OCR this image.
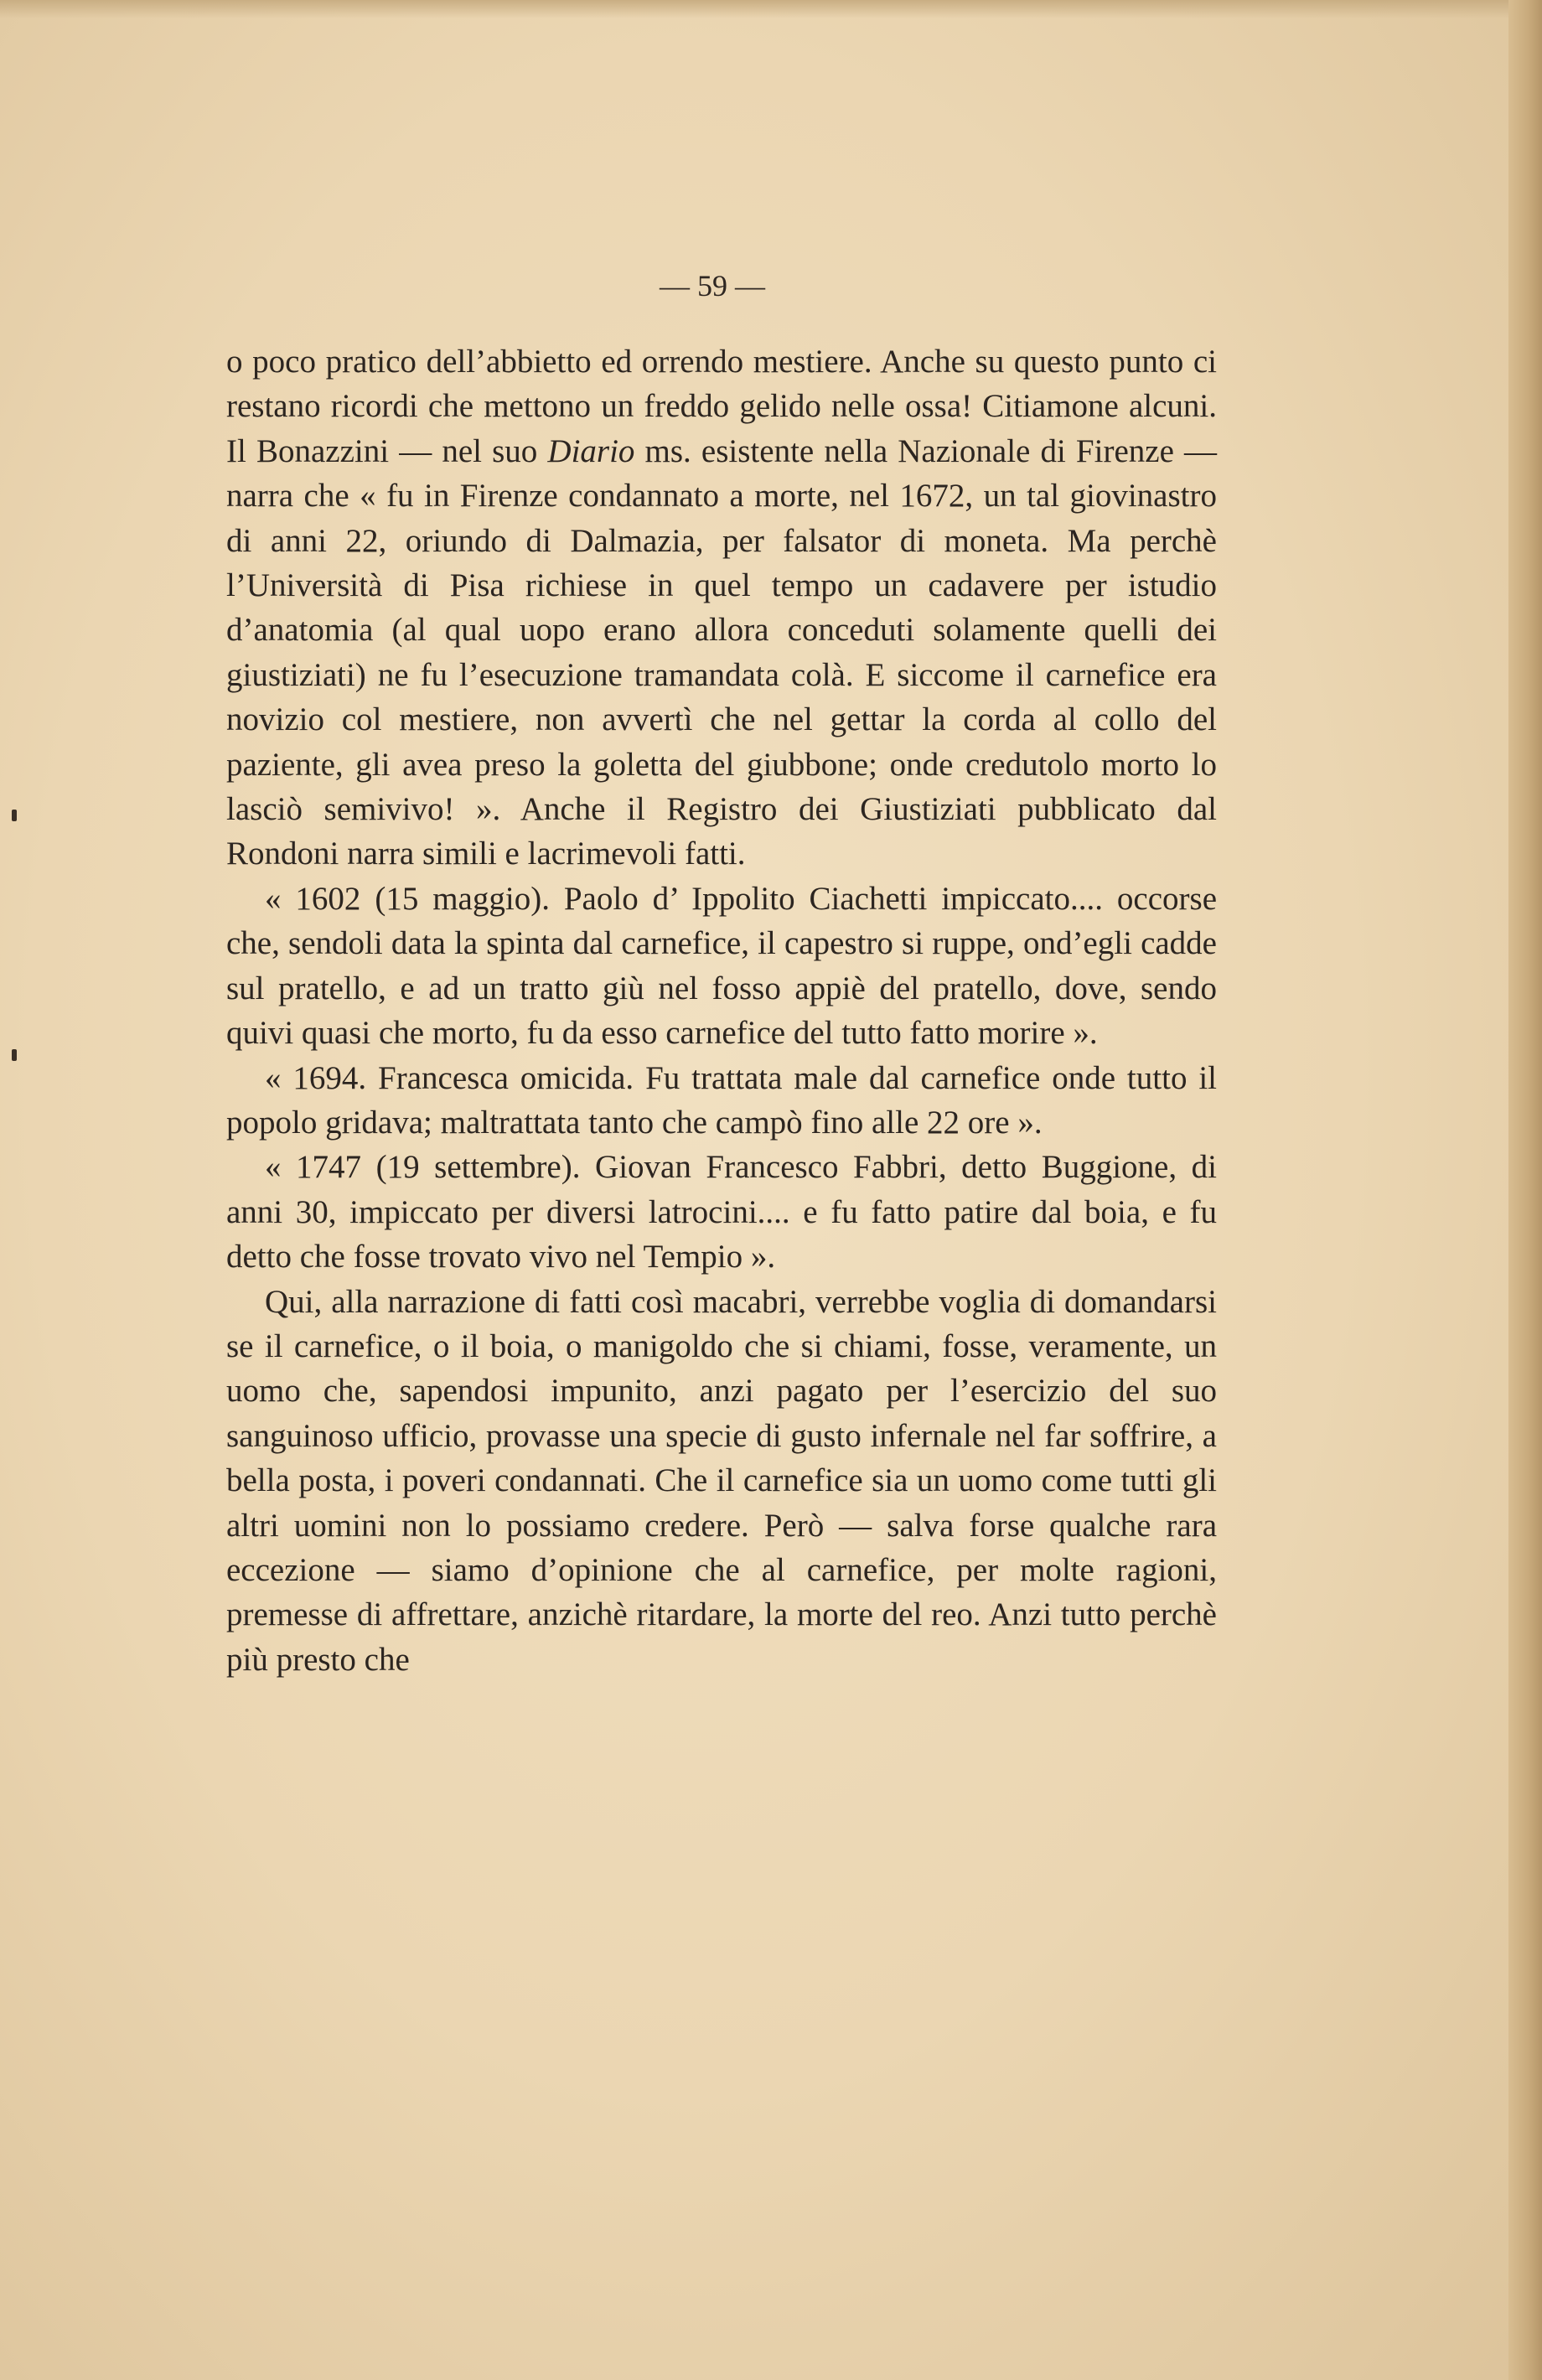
— 59 —

o poco pratico dell’abbietto ed orrendo mestiere. Anche su questo punto ci restano ricordi che mettono un freddo gelido nelle ossa! Citiamone alcuni. Il Bonazzini — nel suo Diario ms. esistente nella Nazionale di Firenze — narra che « fu in Firenze condannato a morte, nel 1672, un tal giovinastro di anni 22, oriundo di Dalmazia, per falsator di moneta. Ma perchè l’Università di Pisa richiese in quel tempo un cadavere per istudio d’anatomia (al qual uopo erano allora conceduti solamente quelli dei giustiziati) ne fu l’esecuzione tramandata colà. E siccome il carnefice era novizio col mestiere, non avvertì che nel gettar la corda al collo del paziente, gli avea preso la goletta del giubbone; onde credutolo morto lo lasciò semivivo! ». Anche il Registro dei Giustiziati pubblicato dal Rondoni narra simili e lacrimevoli fatti.

« 1602 (15 maggio). Paolo d’ Ippolito Ciachetti impiccato.... occorse che, sendoli data la spinta dal carnefice, il capestro si ruppe, ond’egli cadde sul pratello, e ad un tratto giù nel fosso appiè del pratello, dove, sendo quivi quasi che morto, fu da esso carnefice del tutto fatto morire ».

« 1694. Francesca omicida. Fu trattata male dal carnefice onde tutto il popolo gridava; maltrattata tanto che campò fino alle 22 ore ».

« 1747 (19 settembre). Giovan Francesco Fabbri, detto Buggione, di anni 30, impiccato per diversi latrocini.... e fu fatto patire dal boia, e fu detto che fosse trovato vivo nel Tempio ».

Qui, alla narrazione di fatti così macabri, verrebbe voglia di domandarsi se il carnefice, o il boia, o manigoldo che si chiami, fosse, veramente, un uomo che, sapendosi impunito, anzi pagato per l’esercizio del suo sanguinoso ufficio, provasse una specie di gusto infernale nel far soffrire, a bella posta, i poveri condannati. Che il carnefice sia un uomo come tutti gli altri uomini non lo possiamo credere. Però — salva forse qualche rara eccezione — siamo d’opinione che al carnefice, per molte ragioni, premesse di affrettare, anzichè ritardare, la morte del reo. Anzi tutto perchè più presto che
